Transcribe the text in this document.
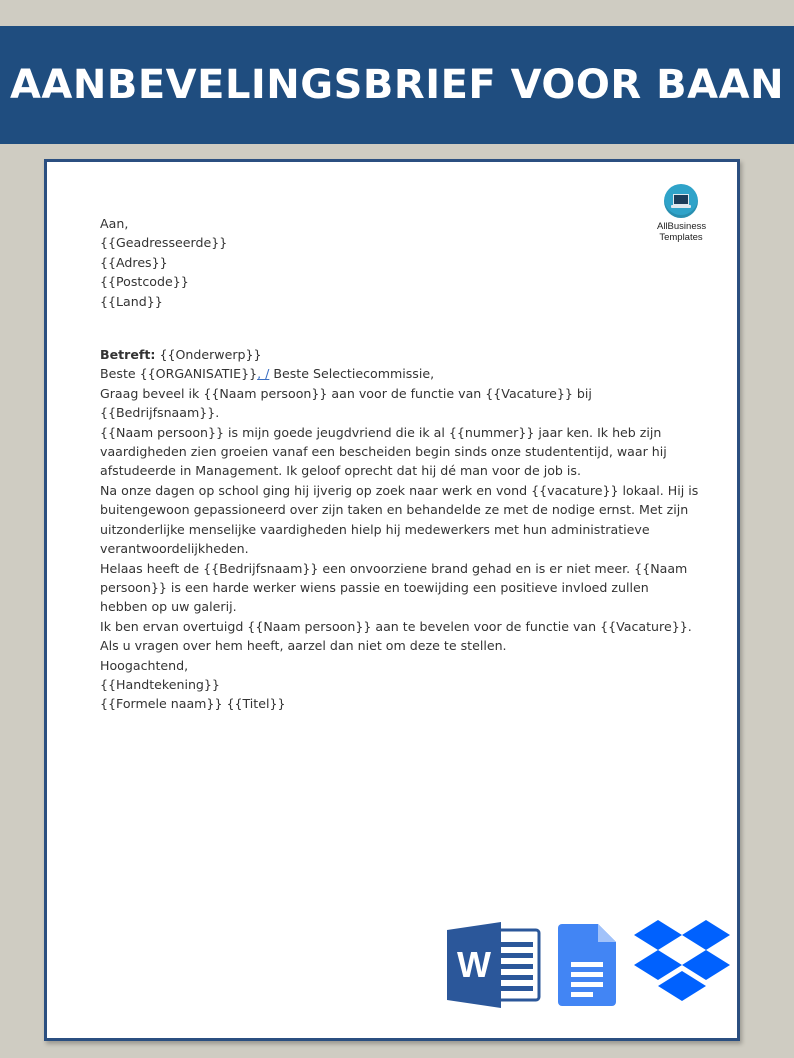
AANBEVELINGSBRIEF VOOR BAAN
AllBusiness
Templates

Aan,

{{Geadresseerde}}

{{Adres}}

{{Postcode}}

{{Land}}

Betreft: {{Onderwerp}}

Beste {{ORGANISATIE}}, / Beste Selectiecommissie,

Graag beveel ik {{Naam persoon}} aan voor de functie van {{Vacature}} bij {{Bedrijfsnaam}}.

{{Naam persoon}} is mijn goede jeugdvriend die ik al {{nummer}} jaar ken. Ik heb zijn vaardigheden zien groeien vanaf een bescheiden begin sinds onze studententijd, waar hij afstudeerde in Management. Ik geloof oprecht dat hij dé man voor de job is.

Na onze dagen op school ging hij ijverig op zoek naar werk en vond {{vacature}} lokaal. Hij is buitengewoon gepassioneerd over zijn taken en behandelde ze met de nodige ernst. Met zijn uitzonderlijke menselijke vaardigheden hielp hij medewerkers met hun administratieve verantwoordelijkheden.

Helaas heeft de {{Bedrijfsnaam}} een onvoorziene brand gehad en is er niet meer. {{Naam persoon}} is een harde werker wiens passie en toewijding een positieve invloed zullen hebben op uw galerij.

Ik ben ervan overtuigd {{Naam persoon}} aan te bevelen voor de functie van {{Vacature}}. Als u vragen over hem heeft, aarzel dan niet om deze te stellen.

Hoogachtend,

{{Handtekening}}

{{Formele naam}} {{Titel}}

W
